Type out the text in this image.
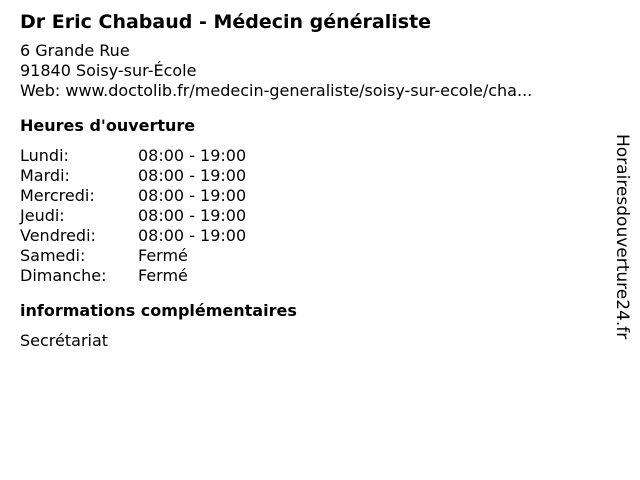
Dr Eric Chabaud - Médecin généraliste
6 Grande Rue
91840 Soisy-sur-École
Web: www.doctolib.fr/medecin-generaliste/soisy-sur-ecole/cha...
Heures d'ouverture
Lundi:	08:00 - 19:00
Mardi:	08:00 - 19:00
Mercredi:	08:00 - 19:00
Jeudi:	08:00 - 19:00
Vendredi:	08:00 - 19:00
Samedi:	Fermé
Dimanche:	Fermé
informations complémentaires
Secrétariat
Horairesdouverture24.fr
